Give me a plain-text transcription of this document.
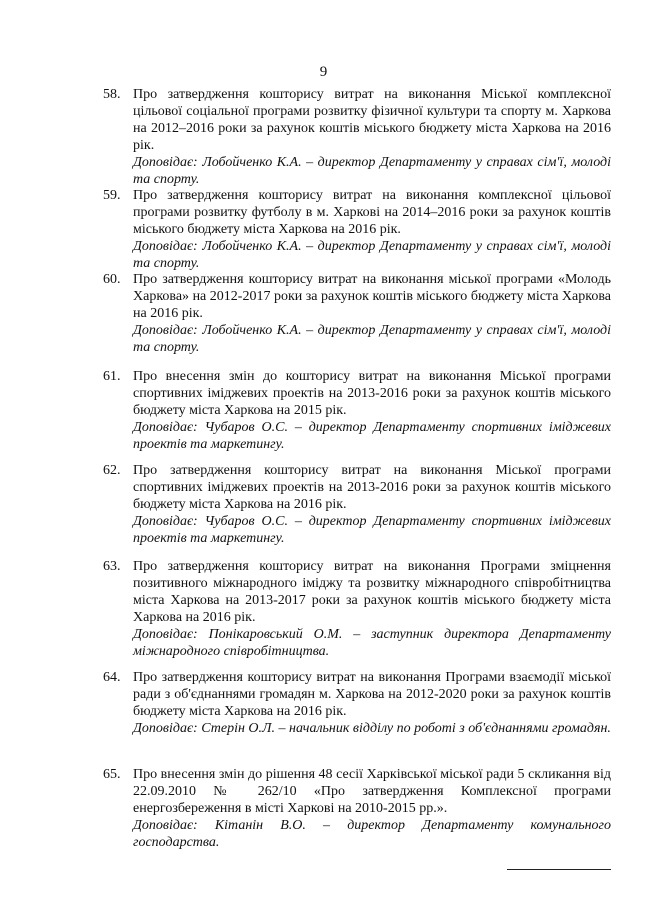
9
58. Про затвердження кошторису витрат на виконання Міської комплексної цільової соціальної програми розвитку фізичної культури та спорту м. Харкова на 2012–2016 роки за рахунок коштів міського бюджету міста Харкова на 2016 рік.

Доповідає: Лобойченко К.А. – директор Департаменту у справах сім'ї, молоді та спорту.

59. Про затвердження кошторису витрат на виконання комплексної цільової програми розвитку футболу в м. Харкові на 2014–2016 роки за рахунок коштів міського бюджету міста Харкова на 2016 рік.

Доповідає: Лобойченко К.А. – директор Департаменту у справах сім'ї, молоді та спорту.

60. Про затвердження кошторису витрат на виконання міської програми «Молодь Харкова» на 2012-2017 роки за рахунок коштів міського бюджету міста Харкова на 2016 рік.

Доповідає: Лобойченко К.А. – директор Департаменту у справах сім'ї, молоді та спорту.

61. Про внесення змін до кошторису витрат на виконання Міської програми спортивних іміджевих проектів на 2013-2016 роки за рахунок коштів міського бюджету міста Харкова на 2015 рік.

Доповідає: Чубаров О.С. – директор Департаменту спортивних іміджевих проектів та маркетингу.

62. Про затвердження кошторису витрат на виконання Міської програми спортивних іміджевих проектів на 2013-2016 роки за рахунок коштів міського бюджету міста Харкова на 2016 рік.

Доповідає: Чубаров О.С. – директор Департаменту спортивних іміджевих проектів та маркетингу.

63. Про затвердження кошторису витрат на виконання Програми зміцнення позитивного міжнародного іміджу та розвитку міжнародного співробітництва міста Харкова на 2013-2017 роки за рахунок коштів міського бюджету міста Харкова на 2016 рік.

Доповідає: Понікаровський О.М. – заступник директора Департаменту міжнародного співробітництва.

64. Про затвердження кошторису витрат на виконання Програми взаємодії міської ради з об'єднаннями громадян м. Харкова на 2012-2020 роки за рахунок коштів бюджету міста Харкова на 2016 рік.

Доповідає: Стерін О.Л. – начальник відділу по роботі з об'єднаннями громадян.

65. Про внесення змін до рішення 48 сесії Харківської міської ради 5 скликання від 22.09.2010 № 262/10 «Про затвердження Комплексної програми енергозбереження в місті Харкові на 2010-2015 рр.».

Доповідає: Кітанін В.О. – директор Департаменту комунального господарства.
